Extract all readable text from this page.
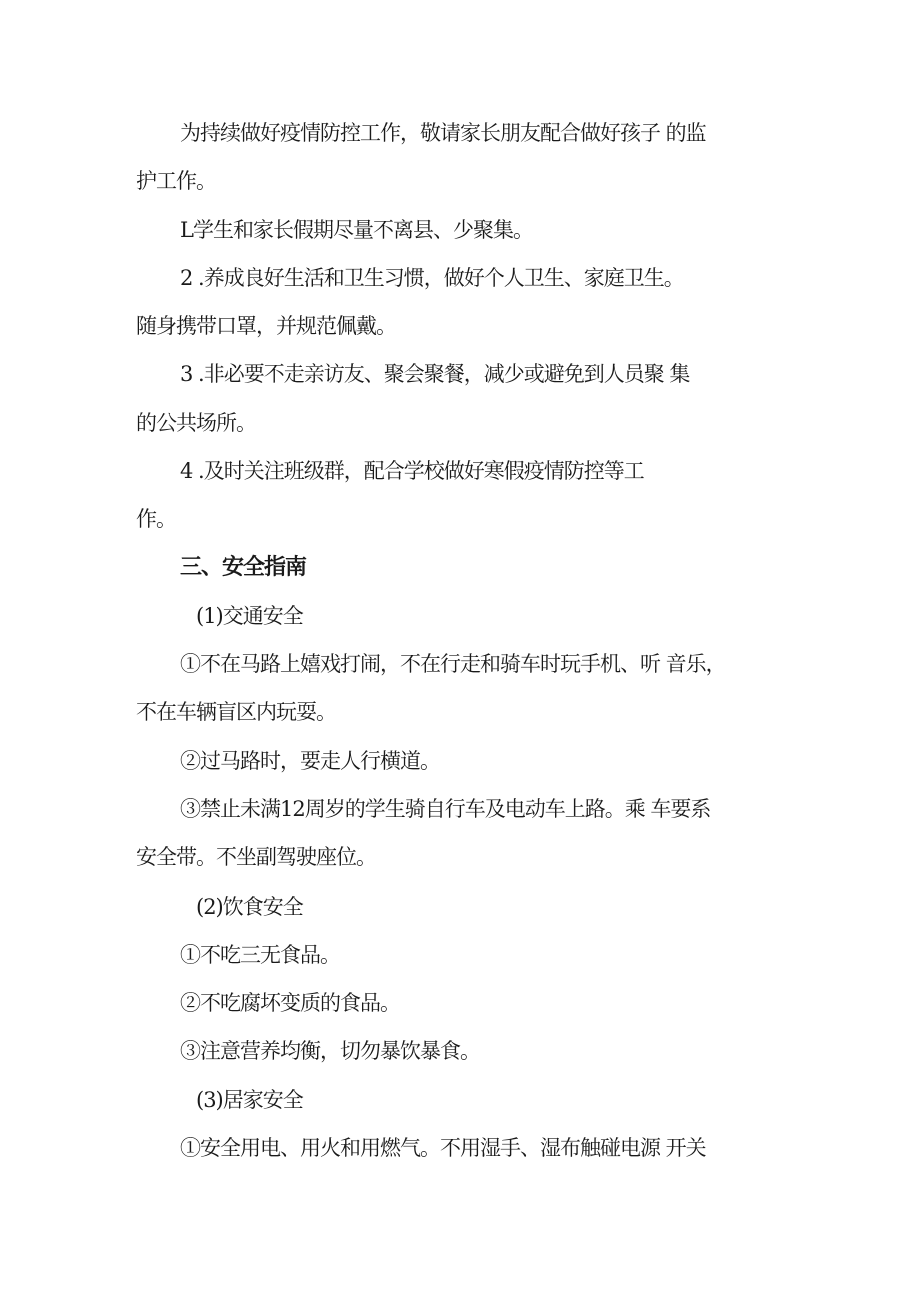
为持续做好疫情防控工作，敬请家长朋友配合做好孩子 的监
护工作。
L学生和家长假期尽量不离县、少聚集。
2 .养成良好生活和卫生习惯，做好个人卫生、家庭卫生。
随身携带口罩，并规范佩戴。
3 .非必要不走亲访友、聚会聚餐，减少或避免到人员聚 集
的公共场所。
4 .及时关注班级群，配合学校做好寒假疫情防控等工
作。
三、安全指南
(1)交通安全
①不在马路上嬉戏打闹，不在行走和骑车时玩手机、听 音乐，
不在车辆盲区内玩耍。
②过马路时，要走人行横道。
③禁止未满12周岁的学生骑自行车及电动车上路。乘 车要系
安全带。不坐副驾驶座位。
(2)饮食安全
①不吃三无食品。
②不吃腐坏变质的食品。
③注意营养均衡，切勿暴饮暴食。
(3)居家安全
①安全用电、用火和用燃气。不用湿手、湿布触碰电源 开关
